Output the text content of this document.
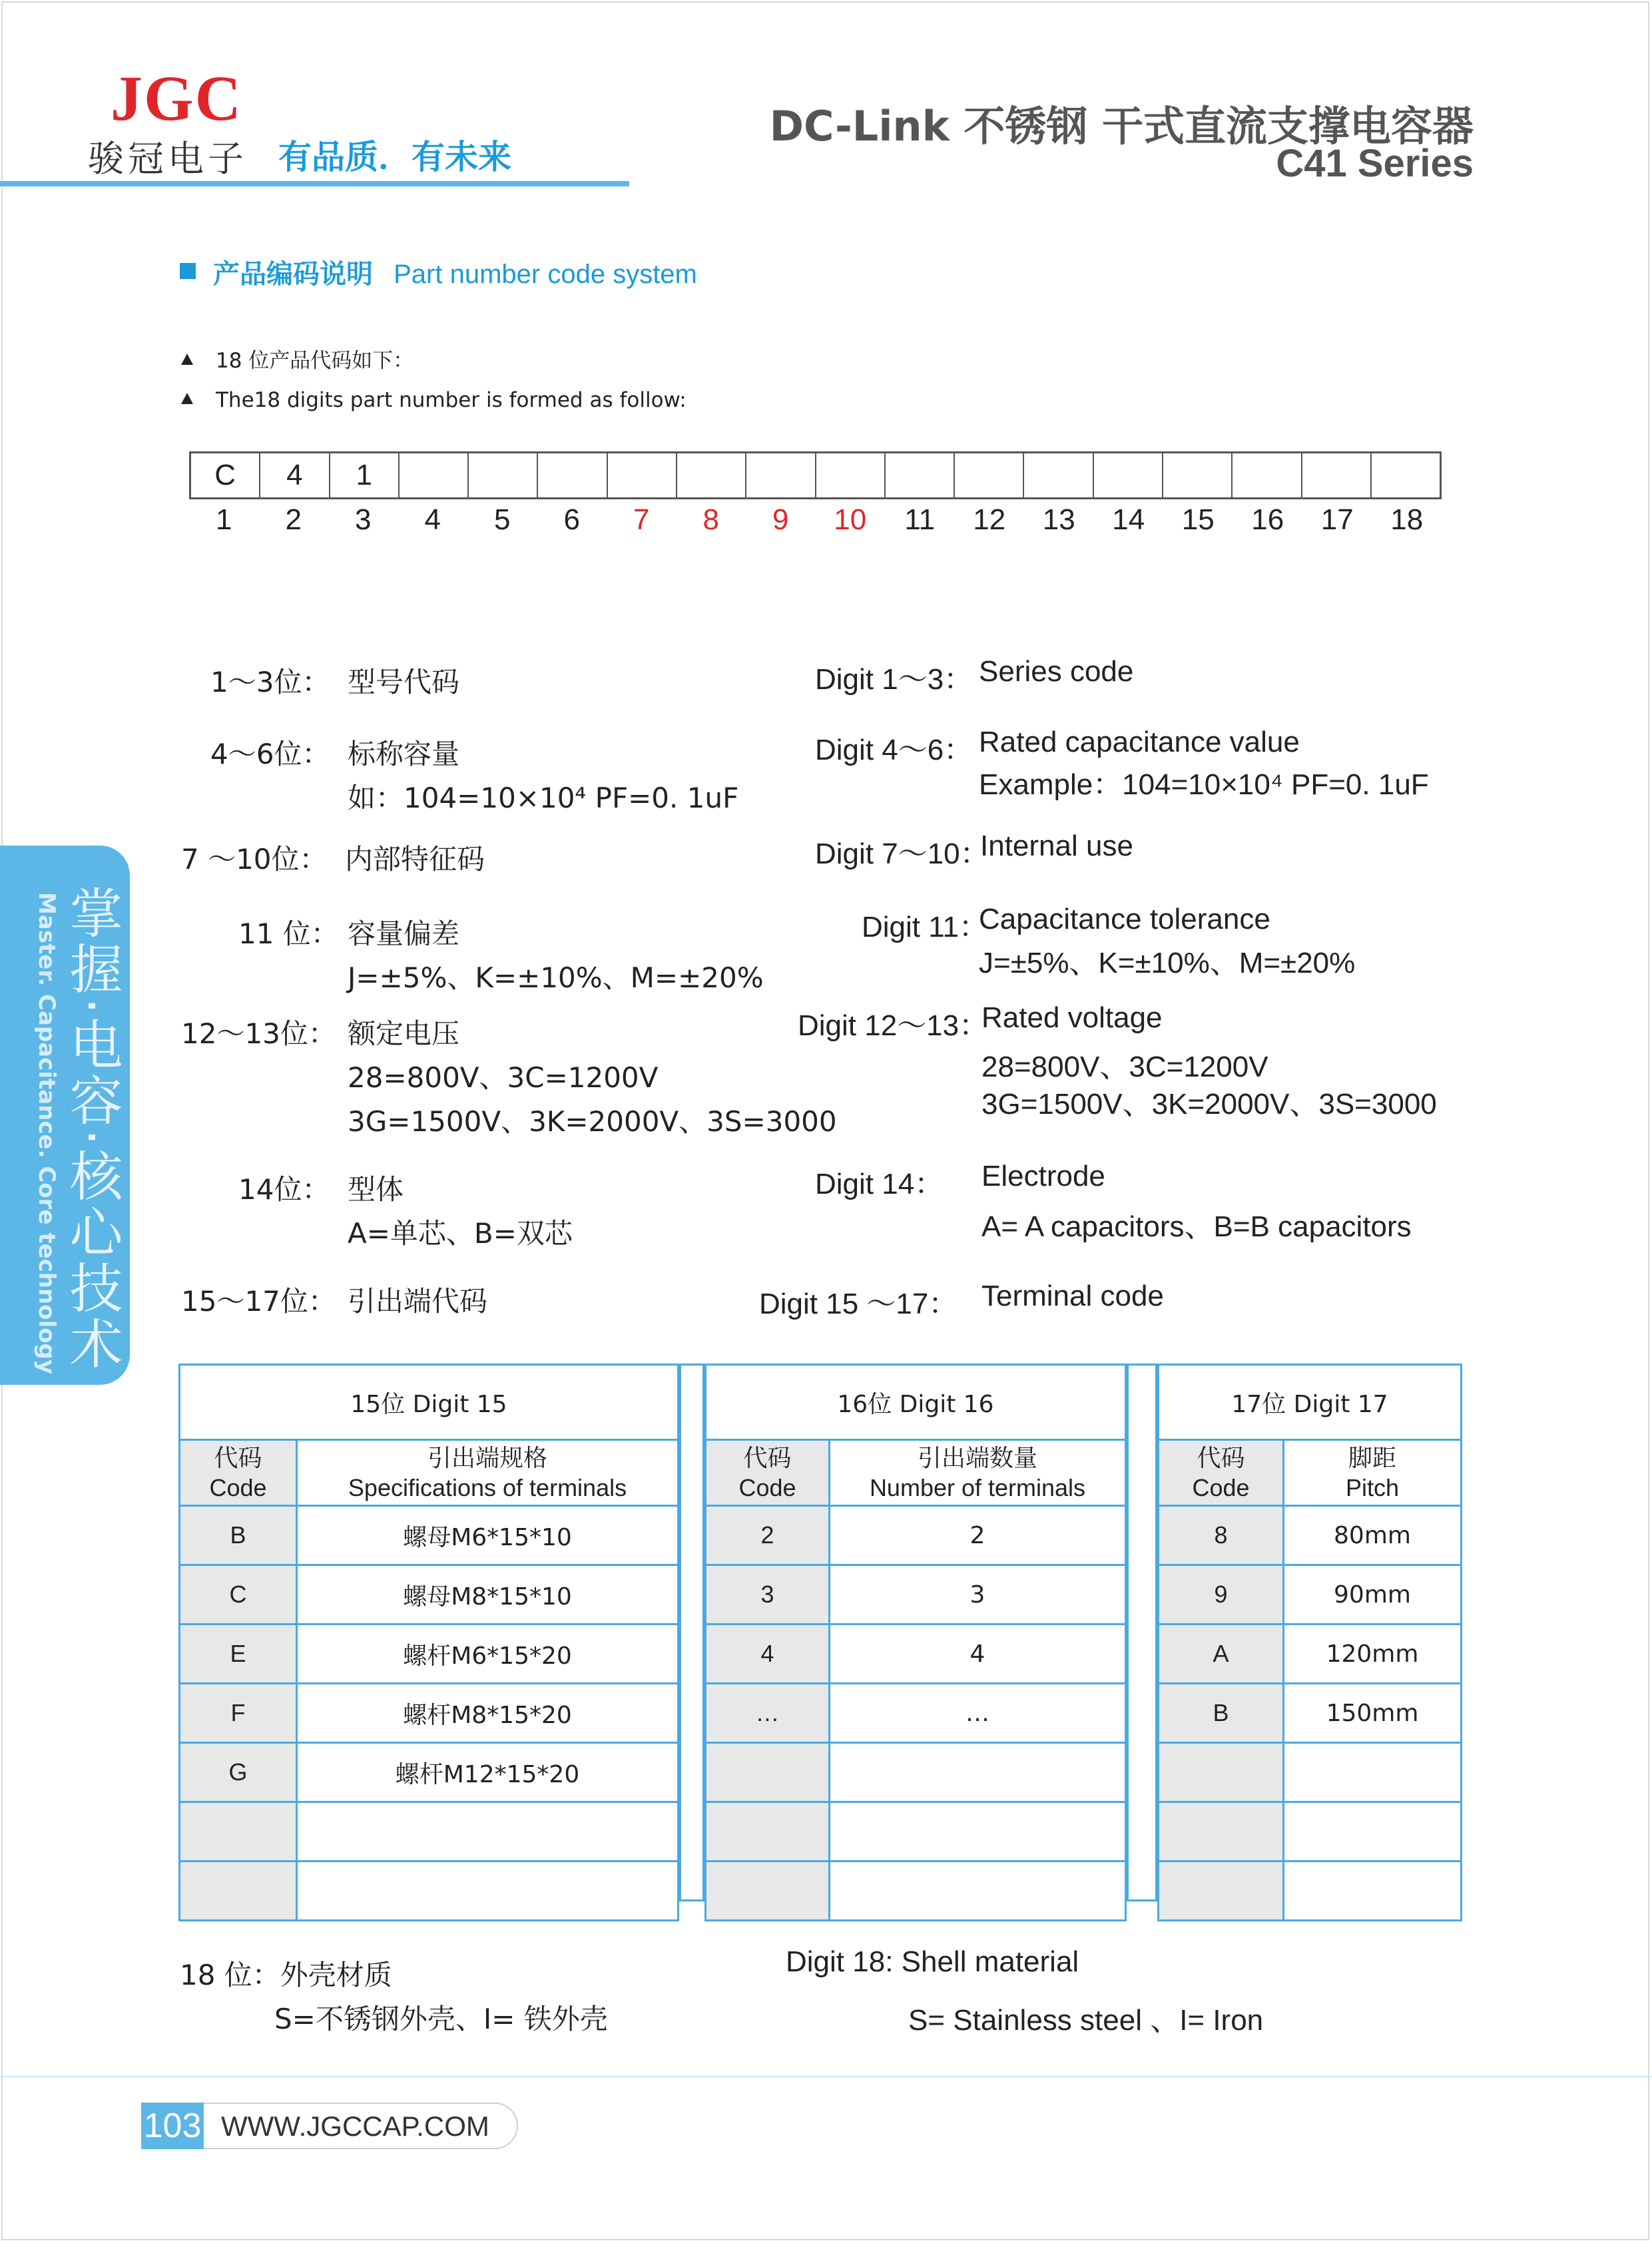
JGC
骏冠电子 有品质．有未来
DC-Link 不锈钢 干式直流支撑电容器
C41 Series
产品编码说明 Part number code system
18 位产品代码如下：
The18 digits part number is formed as follow:
C	4	1
1	2	3	4	5	6	7	8	9	10	11	12	13	14	15	16	17	18
Master. Capacitance. Core technology 掌握·电容·核心技术
1～3位： 型号代码
4～6位： 标称容量
如：104=10×10⁴ PF=0. 1uF
7 ～10位： 内部特征码
11 位： 容量偏差
J=±5%、K=±10%、M=±20%
12～13位： 额定电压
28=800V、3C=1200V
3G=1500V、3K=2000V、3S=3000
14位： 型体
A=单芯、B=双芯
15～17位： 引出端代码
Digit 1～3： Series code
Digit 4～6： Rated capacitance value
Example：104=10×10⁴ PF=0. 1uF
Digit 7～10：
Internal use
Digit 11：
Capacitance tolerance
J=±5%、K=±10%、M=±20%
Digit 12～13：
Rated voltage
28=800V、3C=1200V
3G=1500V、3K=2000V、3S=3000
Digit 14： Electrode
A= A capacitors、B=B capacitors
Digit 15 ～17： Terminal code
15位 Digit 15	
代码
Code	引出端规格
Specifications of terminals
B	螺母M6*15*10
C	螺母M8*15*10
E	螺杆M6*15*20
F	螺杆M8*15*20
G	螺杆M12*15*20

16位 Digit 16	
代码
Code	引出端数量
Number of terminals
2	2
3	3
4	4
…	…

17位 Digit 17	
代码
Code	脚距
Pitch
8	80mm
9	90mm
A	120mm
B	150mm

18 位：外壳材质
S=不锈钢外壳、I= 铁外壳
Digit 18: Shell material
S= Stainless steel 、I= Iron
103 WWW.JGCCAP.COM
